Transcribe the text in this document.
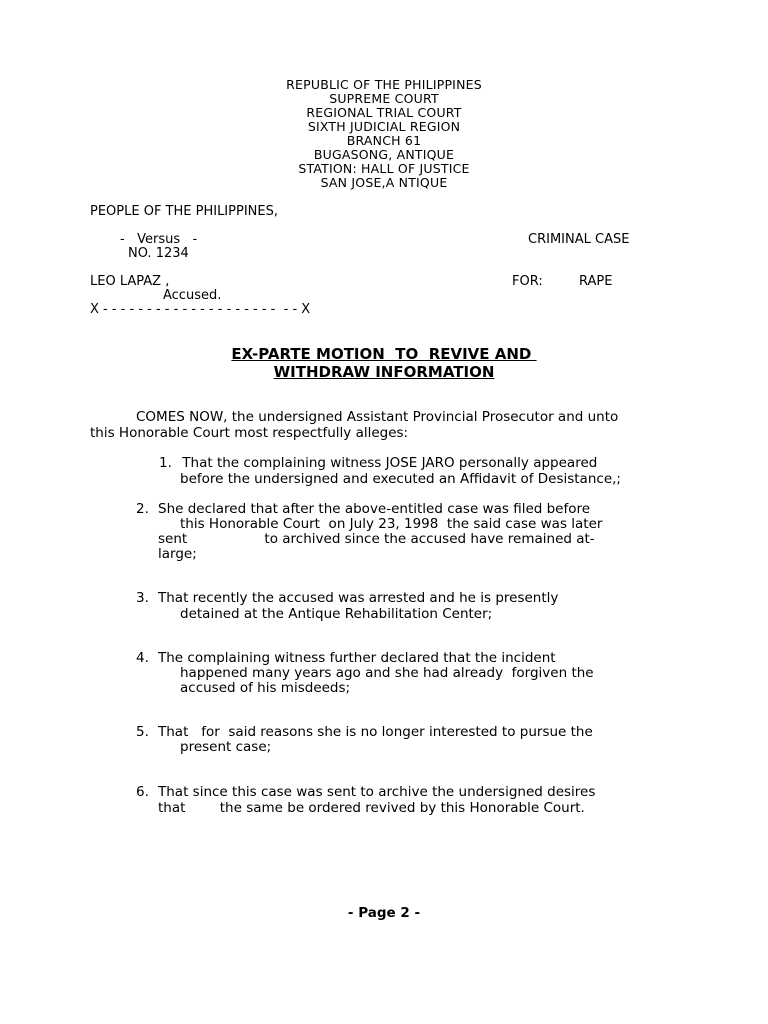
REPUBLIC OF THE PHILIPPINES
SUPREME COURT
REGIONAL TRIAL COURT
SIXTH JUDICIAL REGION
BRANCH 61
BUGASONG, ANTIQUE
STATION: HALL OF JUSTICE
SAN JOSE,A NTIQUE
PEOPLE OF THE PHILIPPINES,
-   Versus   -	CRIMINAL CASE
NO. 1234
LEO LAPAZ ,	FOR:	RAPE
Accused.
X - - - - - - - - - - - - - - - - - - - -  - - X
EX-PARTE MOTION  TO  REVIVE AND
WITHDRAW INFORMATION
COMES NOW, the undersigned Assistant Provincial Prosecutor and unto
this Honorable Court most respectfully alleges:
1. That the complaining witness JOSE JARO personally appeared
before the undersigned and executed an Affidavit of Desistance,;
2. She declared that after the above-entitled case was filed before
this Honorable Court  on July 23, 1998  the said case was later
sent                  to archived since the accused have remained at-
large;
3. That recently the accused was arrested and he is presently
detained at the Antique Rehabilitation Center;
4. The complaining witness further declared that the incident
happened many years ago and she had already  forgiven the
accused of his misdeeds;
5. That   for  said reasons she is no longer interested to pursue the
present case;
6. That since this case was sent to archive the undersigned desires
that        the same be ordered revived by this Honorable Court.
- Page 2 -
